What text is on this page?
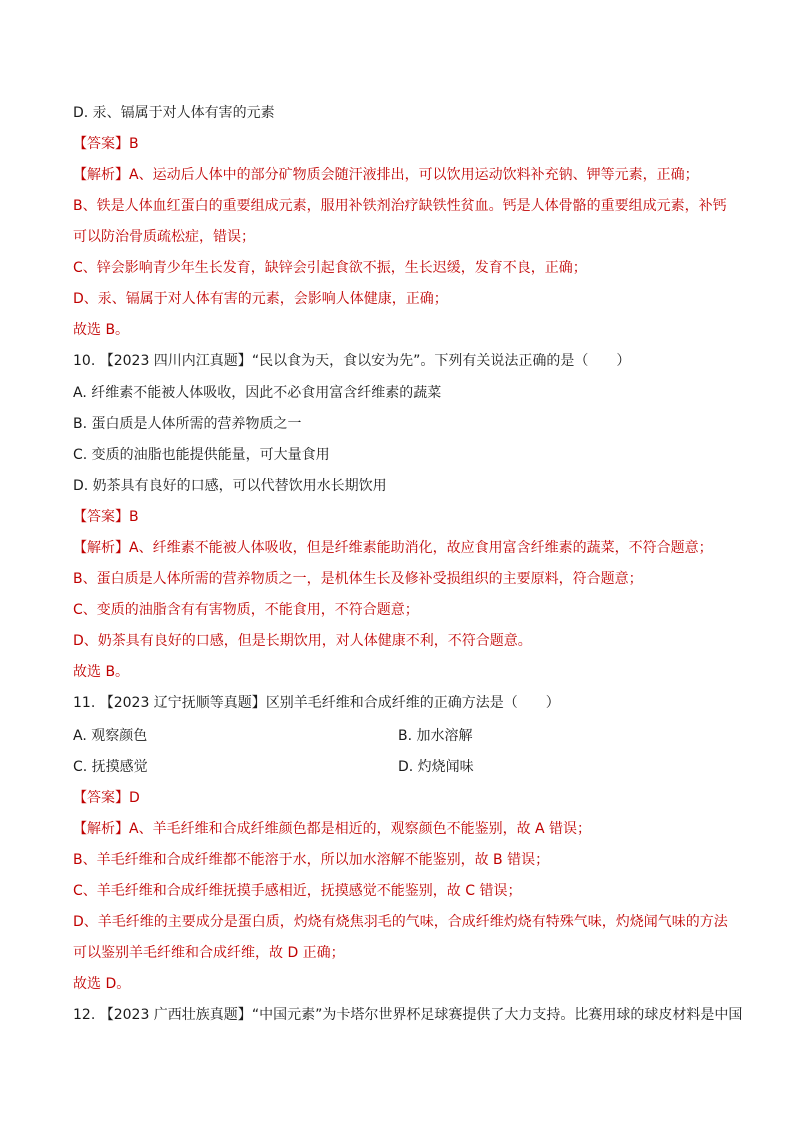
D. 汞、镉属于对人体有害的元素
【答案】B
【解析】A、运动后人体中的部分矿物质会随汗液排出，可以饮用运动饮料补充钠、钾等元素，正确；
B、铁是人体血红蛋白的重要组成元素，服用补铁剂治疗缺铁性贫血。钙是人体骨骼的重要组成元素，补钙
可以防治骨质疏松症，错误；
C、锌会影响青少年生长发育，缺锌会引起食欲不振，生长迟缓，发育不良，正确；
D、汞、镉属于对人体有害的元素，会影响人体健康，正确；
故选 B。
10. 【2023 四川内江真题】“民以食为天，食以安为先”。下列有关说法正确的是（　　）
A. 纤维素不能被人体吸收，因此不必食用富含纤维素的蔬菜
B. 蛋白质是人体所需的营养物质之一
C. 变质的油脂也能提供能量，可大量食用
D. 奶茶具有良好的口感，可以代替饮用水长期饮用
【答案】B
【解析】A、纤维素不能被人体吸收，但是纤维素能助消化，故应食用富含纤维素的蔬菜，不符合题意；
B、蛋白质是人体所需的营养物质之一，是机体生长及修补受损组织的主要原料，符合题意；
C、变质的油脂含有有害物质，不能食用，不符合题意；
D、奶茶具有良好的口感，但是长期饮用，对人体健康不利，不符合题意。
故选 B。
11. 【2023 辽宁抚顺等真题】区别羊毛纤维和合成纤维的正确方法是（　　）
A. 观察颜色	B. 加水溶解
C. 抚摸感觉	D. 灼烧闻味
【答案】D
【解析】A、羊毛纤维和合成纤维颜色都是相近的，观察颜色不能鉴别，故 A 错误；
B、羊毛纤维和合成纤维都不能溶于水，所以加水溶解不能鉴别，故 B 错误；
C、羊毛纤维和合成纤维抚摸手感相近，抚摸感觉不能鉴别，故 C 错误；
D、羊毛纤维的主要成分是蛋白质，灼烧有烧焦羽毛的气味，合成纤维灼烧有特殊气味，灼烧闻气味的方法
可以鉴别羊毛纤维和合成纤维，故 D 正确；
故选 D。
12. 【2023 广西壮族真题】“中国元素”为卡塔尔世界杯足球赛提供了大力支持。比赛用球的球皮材料是中国
